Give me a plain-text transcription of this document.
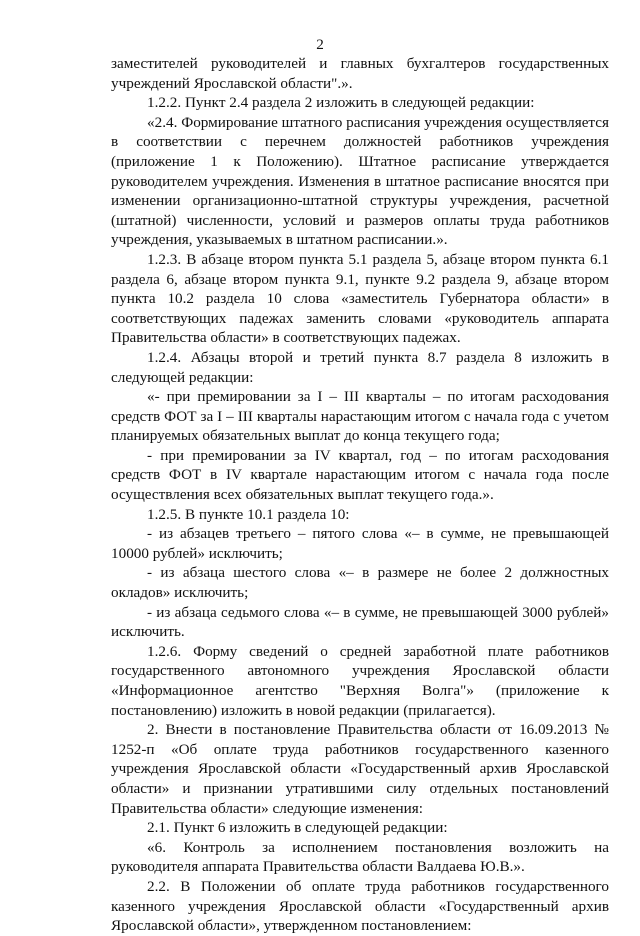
2

заместителей руководителей и главных бухгалтеров государственных учреждений Ярославской области".».

1.2.2. Пункт 2.4 раздела 2 изложить в следующей редакции:

«2.4. Формирование штатного расписания учреждения осуществляется в соответствии с перечнем должностей работников учреждения (приложение 1 к Положению). Штатное расписание утверждается руководителем учреждения. Изменения в штатное расписание вносятся при изменении организационно-штатной структуры учреждения, расчетной (штатной) численности, условий и размеров оплаты труда работников учреждения, указываемых в штатном расписании.».

1.2.3. В абзаце втором пункта 5.1 раздела 5, абзаце втором пункта 6.1 раздела 6, абзаце втором пункта 9.1, пункте 9.2 раздела 9, абзаце втором пункта 10.2 раздела 10 слова «заместитель Губернатора области» в соответствующих падежах заменить словами «руководитель аппарата Правительства области» в соответствующих падежах.

1.2.4. Абзацы второй и третий пункта 8.7 раздела 8 изложить в следующей редакции:

«- при премировании за I – III кварталы – по итогам расходования средств ФОТ за I – III кварталы нарастающим итогом с начала года с учетом планируемых обязательных выплат до конца текущего года;

- при премировании за IV квартал, год – по итогам расходования средств ФОТ в IV квартале нарастающим итогом с начала года после осуществления всех обязательных выплат текущего года.».

1.2.5. В пункте 10.1 раздела 10:

- из абзацев третьего – пятого слова «– в сумме, не превышающей 10000 рублей» исключить;

- из абзаца шестого слова «– в размере не более 2 должностных окладов» исключить;

- из абзаца седьмого слова «– в сумме, не превышающей 3000 рублей» исключить.

1.2.6. Форму сведений о средней заработной плате работников государственного автономного учреждения Ярославской области «Информационное агентство "Верхняя Волга"» (приложение к постановлению) изложить в новой редакции (прилагается).

2. Внести в постановление Правительства области от 16.09.2013 № 1252-п «Об оплате труда работников государственного казенного учреждения Ярославской области «Государственный архив Ярославской области» и признании утратившими силу отдельных постановлений Правительства области» следующие изменения:

2.1. Пункт 6 изложить в следующей редакции:

«6. Контроль за исполнением постановления возложить на руководителя аппарата Правительства области Валдаева Ю.В.».

2.2. В Положении об оплате труда работников государственного казенного учреждения Ярославской области «Государственный архив Ярославской области», утвержденном постановлением:
